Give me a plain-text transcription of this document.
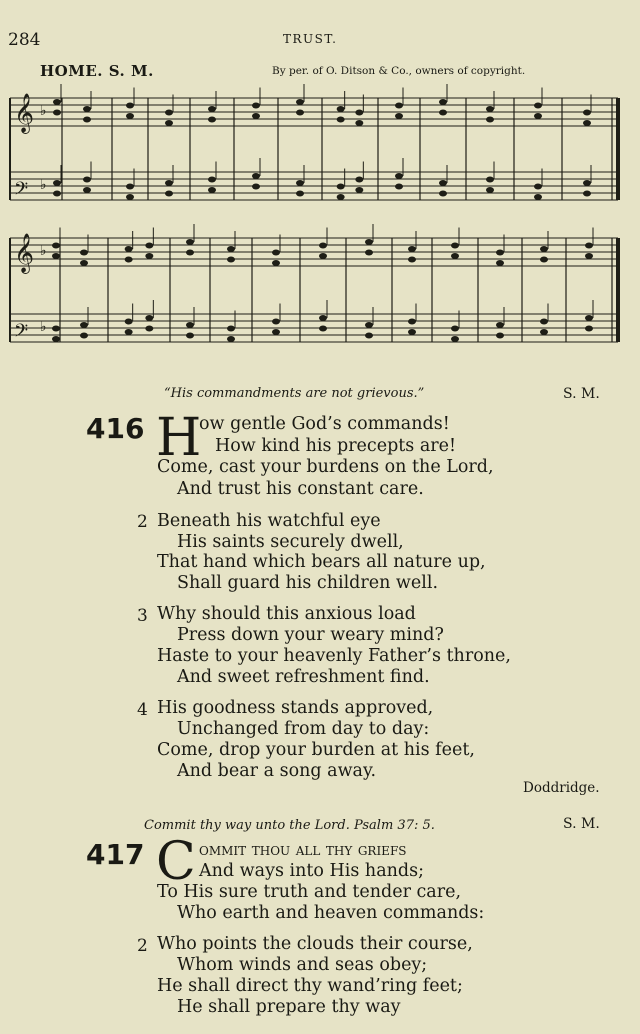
284	TRUST.
HOME. S. M.	By per. of O. Ditson & Co., owners of copyright.
𝄞 ♭
𝄢 ♭
𝄞 ♭
𝄢 ♭
“His commandments are not grievous.”	S. M.
416 H
ow gentle God’s commands!
How kind his precepts are!
Come, cast your burdens on the Lord,
And trust his constant care.
2 Beneath his watchful eye
His saints securely dwell,
That hand which bears all nature up,
Shall guard his children well.
3 Why should this anxious load
Press down your weary mind?
Haste to your heavenly Father’s throne,
And sweet refreshment find.
4 His goodness stands approved,
Unchanged from day to day:
Come, drop your burden at his feet,
And bear a song away.
Doddridge.
Commit thy way unto the Lord. Psalm 37: 5.	S. M.
417 C ommit thou all thy griefs
And ways into His hands;
To His sure truth and tender care,
Who earth and heaven commands:
2 Who points the clouds their course,
Whom winds and seas obey;
He shall direct thy wand’ring feet;
He shall prepare thy way
